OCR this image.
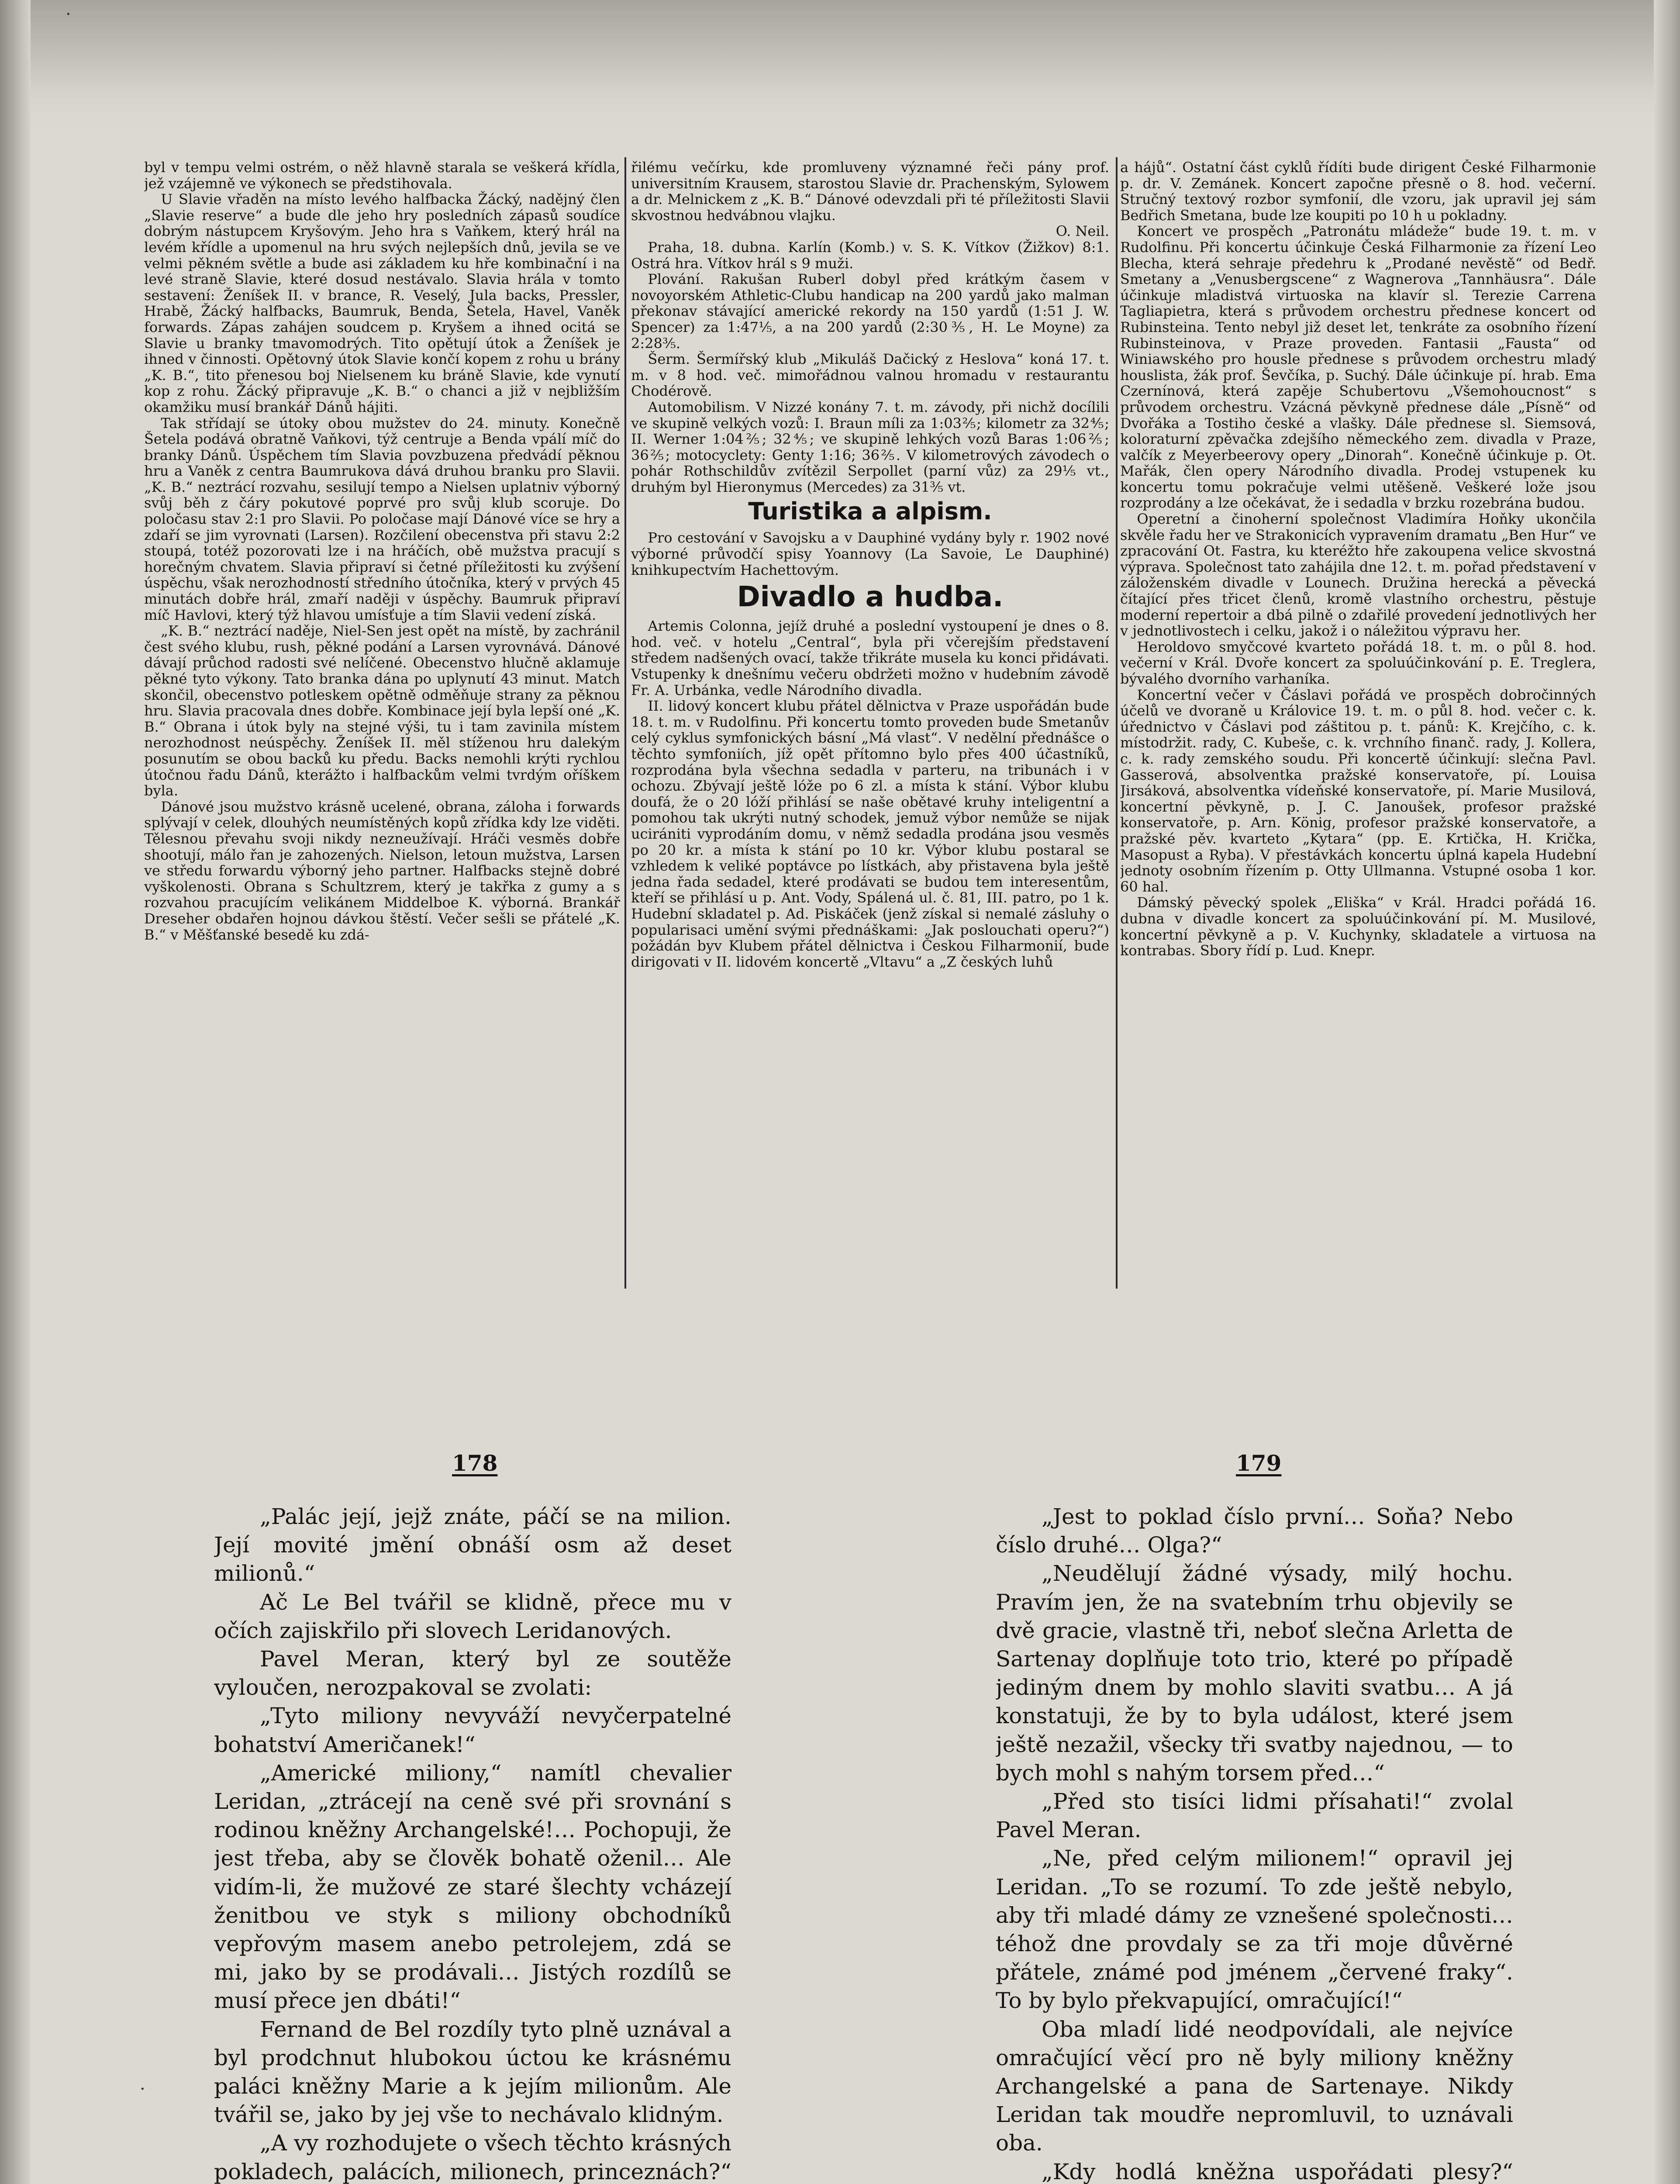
·
·

byl v tempu velmi ostrém, o něž hlavně starala se veškerá křídla, jež vzájemně ve výkonech se předstihovala.

U Slavie vřaděn na místo levého halfbacka Žácký, nadějný člen „Slavie reserve“ a bude dle jeho hry posledních zápasů soudíce dobrým nástupcem Kryšovým. Jeho hra s Vaňkem, který hrál na levém křídle a upomenul na hru svých nejlepších dnů, jevila se ve velmi pěkném světle a bude asi základem ku hře kombinační i na levé straně Slavie, které dosud nestávalo. Slavia hrála v tomto sestavení: Ženíšek II. v brance, R. Veselý, Jula backs, Pressler, Hrabě, Žácký halfbacks, Baumruk, Benda, Šetela, Havel, Vaněk forwards. Zápas zahájen soudcem p. Kryšem a ihned ocitá se Slavie u branky tmavomodrých. Tito opětují útok a Ženíšek je ihned v činnosti. Opětovný útok Slavie končí kopem z rohu u brány „K. B.“, tito přenesou boj Nielsenem ku bráně Slavie, kde vynutí kop z rohu. Žácký připravuje „K. B.“ o chanci a již v nejbližším okamžiku musí brankář Dánů hájiti.

Tak střídají se útoky obou mužstev do 24. minuty. Konečně Šetela podává obratně Vaňkovi, týž centruje a Benda vpálí míč do branky Dánů. Úspěchem tím Slavia povzbuzena předvádí pěknou hru a Vaněk z centra Baumrukova dává druhou branku pro Slavii. „K. B.“ neztrácí rozvahu, sesilují tempo a Nielsen uplatniv výborný svůj běh z čáry pokutové poprvé pro svůj klub scoruje. Do poločasu stav 2:1 pro Slavii. Po poločase mají Dánové více se hry a zdaří se jim vyrovnati (Larsen). Rozčilení obecenstva při stavu 2:2 stoupá, totéž pozorovati lze i na hráčích, obě mužstva pracují s horečným chvatem. Slavia připraví si četné příležitosti ku zvýšení úspěchu, však nerozhodností středního útočníka, který v prvých 45 minutách dobře hrál, zmaří naději v úspěchy. Baumruk připraví míč Havlovi, který týž hlavou umísťuje a tím Slavii vedení získá.

„K. B.“ neztrácí naděje, Niel-Sen jest opět na místě, by zachránil čest svého klubu, rush, pěkné podání a Larsen vyrovnává. Dánové dávají průchod radosti své nelíčené. Obecenstvo hlučně aklamuje pěkné tyto výkony. Tato branka dána po uplynutí 43 minut. Match skončil, obecenstvo potleskem opětně odměňuje strany za pěknou hru. Slavia pracovala dnes dobře. Kombinace její byla lepší oné „K. B.“ Obrana i útok byly na stejné výši, tu i tam zavinila místem nerozhodnost neúspěchy. Ženíšek II. měl stíženou hru dalekým posunutím se obou backů ku předu. Backs nemohli krýti rychlou útočnou řadu Dánů, kterážto i halfbackům velmi tvrdým oříškem byla.

Dánové jsou mužstvo krásně ucelené, obrana, záloha i forwards splývají v celek, dlouhých neumístěných kopů zřídka kdy lze viděti. Tělesnou převahu svoji nikdy nezneužívají. Hráči vesměs dobře shootují, málo řan je zahozených. Nielson, letoun mužstva, Larsen ve středu forwardu výborný jeho partner. Halfbacks stejně dobré vyškolenosti. Obrana s Schultzrem, který je takřka z gumy a s rozvahou pracujícím velikánem Middelboe K. výborná. Brankář Dreseher obdařen hojnou dávkou štěstí. Večer sešli se přátelé „K. B.“ v Měšťanské besedě ku zdá-

řilému večírku, kde promluveny významné řeči pány prof. universitním Krausem, starostou Slavie dr. Prachenským, Sylowem a dr. Melnickem z „K. B.“ Dánové odevzdali při té příležitosti Slavii skvostnou hedvábnou vlajku.

O. Neil.

Praha, 18. dubna. Karlín (Komb.) v. S. K. Vítkov (Žižkov) 8:1. Ostrá hra. Vítkov hrál s 9 muži.

Plování. Rakušan Ruberl dobyl před krátkým časem v novoyorském Athletic-Clubu handicap na 200 yardů jako malman překonav stávající americké rekordy na 150 yardů (1:51 J. W. Spencer) za 1:47⅕, a na 200 yardů (2:30⅗, H. Le Moyne) za 2:28⅗.

Šerm. Šermířský klub „Mikuláš Dačický z Heslova“ koná 17. t. m. v 8 hod. več. mimořádnou valnou hromadu v restaurantu Chodérově.

Automobilism. V Nizzé konány 7. t. m. závody, při nichž docílili ve skupině velkých vozů: I. Braun míli za 1:03⅖; kilometr za 32⅘; II. Werner 1:04⅖; 32⅘; ve skupině lehkých vozů Baras 1:06⅖; 36⅖; motocyclety: Genty 1:16; 36⅖. V kilometrových závodech o pohár Rothschildův zvítězil Serpollet (parní vůz) za 29⅕ vt., druhým byl Hieronymus (Mercedes) za 31⅗ vt.

Turistika a alpism.

Pro cestování v Savojsku a v Dauphiné vydány byly r. 1902 nové výborné průvodčí spisy Yoannovy (La Savoie, Le Dauphiné) knihkupectvím Hachettovým.

Divadlo a hudba.

Artemis Colonna, jejíž druhé a poslední vystoupení je dnes o 8. hod. več. v hotelu „Central“, byla při včerejším představení středem nadšených ovací, takže třikráte musela ku konci přidávati. Vstupenky k dnešnímu večeru obdržeti možno v hudebním závodě Fr. A. Urbánka, vedle Národního divadla.

II. lidový koncert klubu přátel dělnictva v Praze uspořádán bude 18. t. m. v Rudolfinu. Při koncertu tomto proveden bude Smetanův celý cyklus symfonických básní „Má vlast“. V nedělní přednášce o těchto symfoniích, jíž opět přítomno bylo přes 400 účastníků, rozprodána byla všechna sedadla v parteru, na tribunách i v ochozu. Zbývají ještě lóže po 6 zl. a místa k stání. Výbor klubu doufá, že o 20 lóží přihlásí se naše obětavé kruhy inteligentní a pomohou tak ukrýti nutný schodek, jemuž výbor nemůže se nijak ucirániti vyprodáním domu, v němž sedadla prodána jsou vesměs po 20 kr. a místa k stání po 10 kr. Výbor klubu postaral se vzhledem k veliké poptávce po lístkách, aby přistavena byla ještě jedna řada sedadel, které prodávati se budou tem interesentům, kteří se přihlásí u p. Ant. Vody, Spálená ul. č. 81, III. patro, po 1 k. Hudební skladatel p. Ad. Piskáček (jenž získal si nemalé zásluhy o popularisaci umění svými přednáškami: „Jak poslouchati operu?“) požádán byv Klubem přátel dělnictva i Českou Filharmonií, bude dirigovati v II. lidovém koncertě „Vltavu“ a „Z českých luhů

a hájů“. Ostatní část cyklů řídíti bude dirigent České Filharmonie p. dr. V. Zemánek. Koncert započne přesně o 8. hod. večerní. Stručný textový rozbor symfonií, dle vzoru, jak upravil jej sám Bedřich Smetana, bude lze koupiti po 10 h u pokladny.

Koncert ve prospěch „Patronátu mládeže“ bude 19. t. m. v Rudolfinu. Při koncertu účinkuje Česká Filharmonie za řízení Leo Blecha, která sehraje předehru k „Prodané nevěstě“ od Bedř. Smetany a „Venusbergscene“ z Wagnerova „Tannhäusra“. Dále účinkuje mladistvá virtuoska na klavír sl. Terezie Carrena Tagliapietra, která s průvodem orchestru přednese koncert od Rubinsteina. Tento nebyl již deset let, tenkráte za osobního řízení Rubinsteinova, v Praze proveden. Fantasii „Fausta“ od Winiawského pro housle přednese s průvodem orchestru mladý houslista, žák prof. Ševčíka, p. Suchý. Dále účinkuje pí. hrab. Ema Czernínová, která zapěje Schubertovu „Všemohoucnost“ s průvodem orchestru. Vzácná pěvkyně přednese dále „Písně“ od Dvořáka a Tostiho české a vlašky. Dále přednese sl. Siemsová, koloraturní zpěvačka zdejšího německého zem. divadla v Praze, valčík z Meyerbeerovy opery „Dinorah“. Konečně účinkuje p. Ot. Mařák, člen opery Národního divadla. Prodej vstupenek ku koncertu tomu pokračuje velmi utěšeně. Veškeré lože jsou rozprodány a lze očekávat, že i sedadla v brzku rozebrána budou.

Operetní a činoherní společnost Vladimíra Hoňky ukončila skvěle řadu her ve Strakonicích vypravením dramatu „Ben Hur“ ve zpracování Ot. Fastra, ku kteréžto hře zakoupena velice skvostná výprava. Společnost tato zahájila dne 12. t. m. pořad představení v záloženském divadle v Lounech. Družina herecká a pěvecká čítající přes třicet členů, kromě vlastního orchestru, pěstuje moderní repertoir a dbá pilně o zdařilé provedení jednotlivých her v jednotlivostech i celku, jakož i o náležitou výpravu her.

Heroldovo smyčcové kvarteto pořádá 18. t. m. o půl 8. hod. večerní v Král. Dvoře koncert za spoluúčinkování p. E. Treglera, bývalého dvorního varhaníka.

Koncertní večer v Čáslavi pořádá ve prospěch dobročinných účelů ve dvoraně u Královice 19. t. m. o půl 8. hod. večer c. k. úřednictvo v Čáslavi pod záštitou p. t. pánů: K. Krejčího, c. k. místodržit. rady, C. Kubeše, c. k. vrchního finanč. rady, J. Kollera, c. k. rady zemského soudu. Při koncertě účinkují: slečna Pavl. Gasserová, absolventka pražské konservatoře, pí. Louisa Jirsáková, absolventka vídeňské konservatoře, pí. Marie Musilová, koncertní pěvkyně, p. J. C. Janoušek, profesor pražské konservatoře, p. Arn. König, profesor pražské konservatoře, a pražské pěv. kvarteto „Kytara“ (pp. E. Krtička, H. Krička, Masopust a Ryba). V přestávkách koncertu úplná kapela Hudební jednoty osobním řízením p. Otty Ullmanna. Vstupné osoba 1 kor. 60 hal.

Dámský pěvecký spolek „Eliška“ v Král. Hradci pořádá 16. dubna v divadle koncert za spoluúčinkování pí. M. Musilové, koncertní pěvkyně a p. V. Kuchynky, skladatele a virtuosa na kontrabas. Sbory řídí p. Lud. Knepr.

178	179

„Palác její, jejž znáte, páčí se na milion. Její movité jmění obnáší osm až deset milionů.“

Ač Le Bel tvářil se klidně, přece mu v očích zajiskřilo při slovech Leridanových.

Pavel Meran, který byl ze soutěže vyloučen, nerozpakoval se zvolati:

„Tyto miliony nevyváží nevyčerpatelné bohatství Američanek!“

„Americké miliony,“ namítl chevalier Leridan, „ztrácejí na ceně své při srovnání s rodinou kněžny Archangelské!… Pochopuji, že jest třeba, aby se člověk bohatě oženil… Ale vidím-li, že mužové ze staré šlechty vcházejí ženitbou ve styk s miliony obchodníků vepřovým masem anebo petrolejem, zdá se mi, jako by se prodávali… Jistých rozdílů se musí přece jen dbáti!“

Fernand de Bel rozdíly tyto plně uznával a byl prodchnut hlubokou úctou ke krásnému paláci kněžny Marie a k jejím milionům. Ale tvářil se, jako by jej vše to nechávalo klidným.

„A vy rozhodujete o všech těchto krásných pokladech, palácích, milionech, princeznách?“

„Jest to poklad číslo první… Soňa? Nebo číslo druhé… Olga?“

„Neudělují žádné výsady, milý hochu. Pravím jen, že na svatebním trhu objevily se dvě gracie, vlastně tři, neboť slečna Arletta de Sartenay doplňuje toto trio, které po případě jediným dnem by mohlo slaviti svatbu… A já konstatuji, že by to byla událost, které jsem ještě nezažil, všecky tři svatby najednou, — to bych mohl s nahým torsem před…“

„Před sto tisíci lidmi přísahati!“ zvolal Pavel Meran.

„Ne, před celým milionem!“ opravil jej Leridan. „To se rozumí. To zde ještě nebylo, aby tři mladé dámy ze vznešené společnosti… téhož dne provdaly se za tři moje důvěrné přátele, známé pod jménem „červené fraky“. To by bylo překvapující, omračující!“

Oba mladí lidé neodpovídali, ale nejvíce omračující věcí pro ně byly miliony kněžny Archangelské a pana de Sartenaye. Nikdy Leridan tak moudře nepromluvil, to uznávali oba.

„Kdy hodlá kněžna uspořádati plesy?“
